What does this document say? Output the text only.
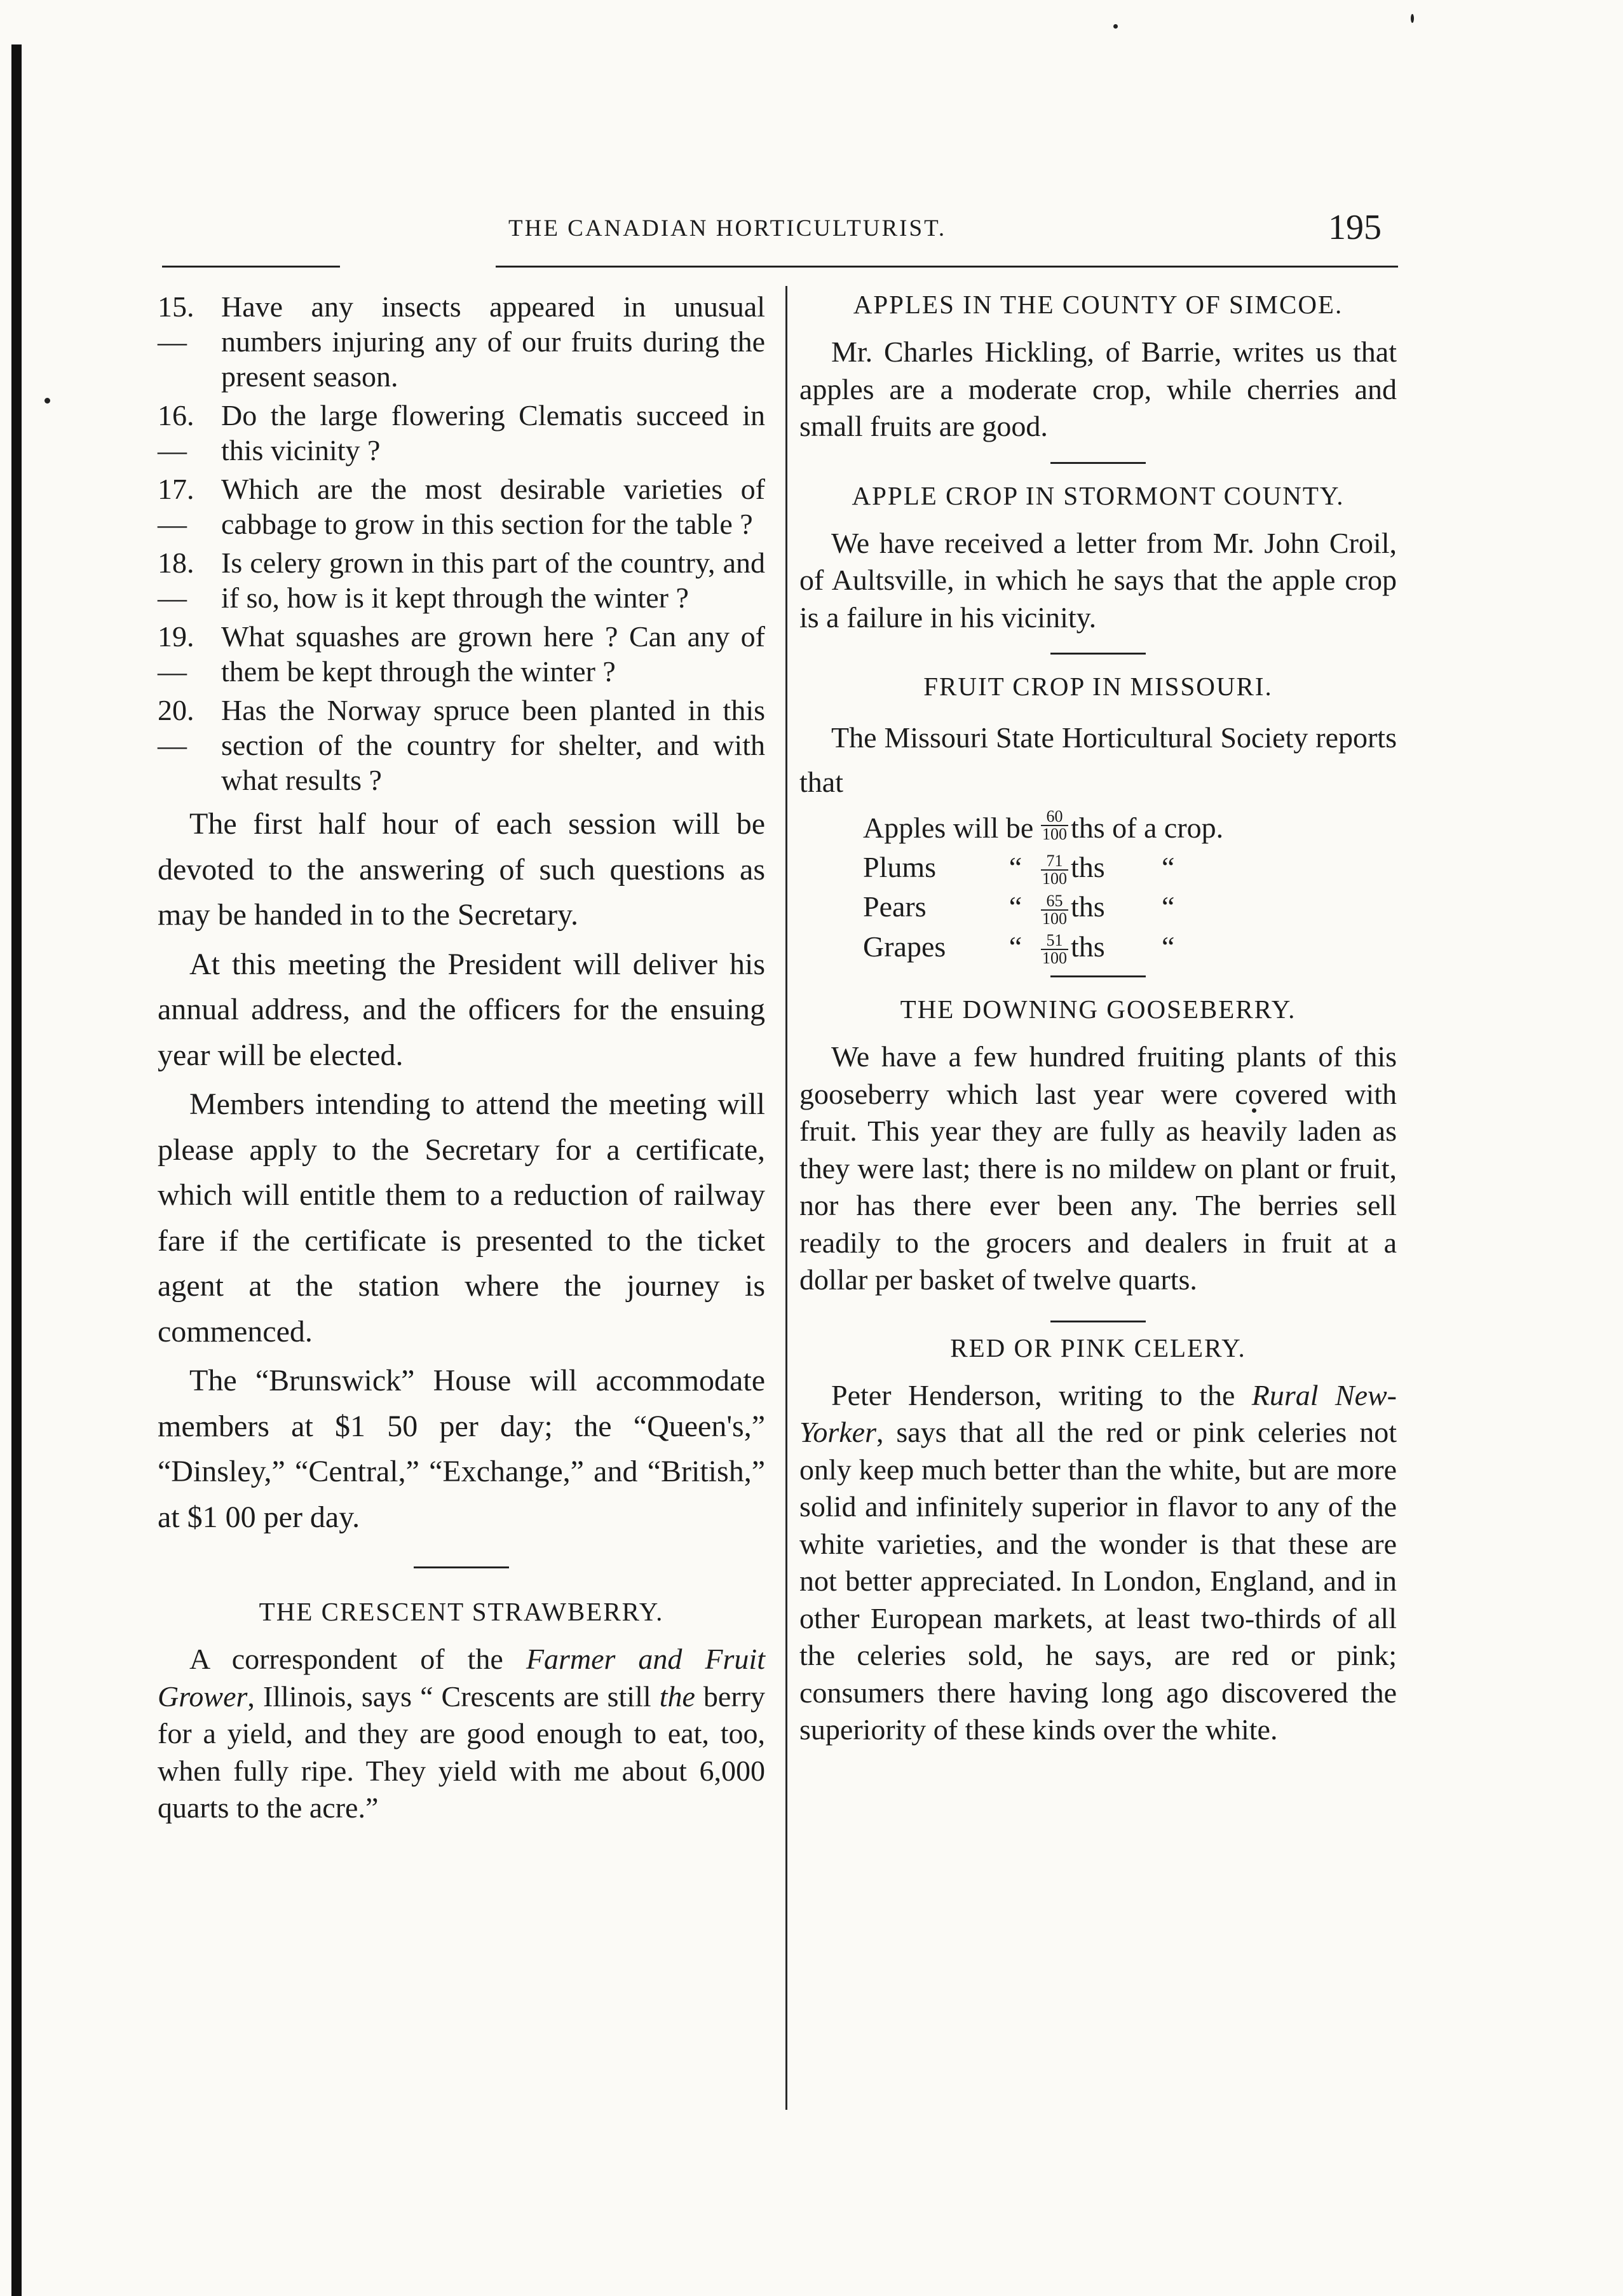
THE CANADIAN HORTICULTURIST.	195
15.—
Have any insects appeared in unusual numbers injuring any of our fruits during the present season.
16.—
Do the large flowering Clematis succeed in this vicinity ?
17.—
Which are the most desirable varieties of cabbage to grow in this section for the table ?
18.—
Is celery grown in this part of the country, and if so, how is it kept through the winter ?
19.—
What squashes are grown here ? Can any of them be kept through the winter ?
20.—
Has the Norway spruce been planted in this section of the country for shelter, and with what results ?

The first half hour of each session will be devoted to the answering of such questions as may be handed in to the Secretary.

At this meeting the President will deliver his annual address, and the officers for the ensuing year will be elected.

Members intending to attend the meeting will please apply to the Secretary for a certificate, which will entitle them to a reduction of railway fare if the certificate is presented to the ticket agent at the station where the journey is commenced.

The “Brunswick” House will accommodate members at $1 50 per day; the “Queen's,” “Dinsley,” “Central,” “Exchange,” and “British,” at $1 00 per day.

THE CRESCENT STRAWBERRY.

A correspondent of the Farmer and Fruit Grower, Illinois, says “ Crescents are still the berry for a yield, and they are good enough to eat, too, when fully ripe. They yield with me about 6,000 quarts to the acre.”

APPLES IN THE COUNTY OF SIMCOE.

Mr. Charles Hickling, of Barrie, writes us that apples are a moderate crop, while cherries and small fruits are good.

APPLE CROP IN STORMONT COUNTY.

We have received a letter from Mr. John Croil, of Aultsville, in which he says that the apple crop is a failure in his vicinity.

FRUIT CROP IN MISSOURI.

The Missouri State Horticultural Society reports that

Apples will be $\frac{60}{100}$ ths of a crop.
Plums	“	$\frac{71}{100}$ ths	“
Pears	“	$\frac{65}{100}$ ths	“
Grapes	“	$\frac{51}{100}$ ths	“
THE DOWNING GOOSEBERRY.

We have a few hundred fruiting plants of this gooseberry which last year were covered with fruit. This year they are fully as heavily laden as they were last; there is no mildew on plant or fruit, nor has there ever been any. The berries sell readily to the grocers and dealers in fruit at a dollar per basket of twelve quarts.

RED OR PINK CELERY.

Peter Henderson, writing to the Rural New-Yorker, says that all the red or pink celeries not only keep much better than the white, but are more solid and infinitely superior in flavor to any of the white varieties, and the wonder is that these are not better appreciated. In London, England, and in other European markets, at least two-thirds of all the celeries sold, he says, are red or pink; consumers there having long ago discovered the superiority of these kinds over the white.
